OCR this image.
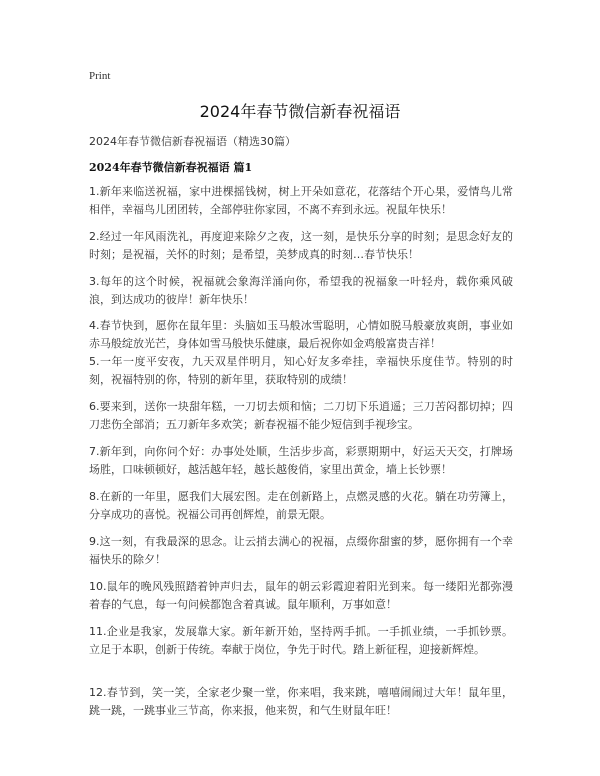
Print
2024年春节微信新春祝福语
2024年春节微信新春祝福语（精选30篇）
2024年春节微信新春祝福语 篇1
1.新年来临送祝福，家中进棵摇钱树，树上开朵如意花，花落结个开心果，爱情鸟儿常相伴，幸福鸟儿团团转，全部停驻你家园，不离不弃到永远。祝鼠年快乐！
2.经过一年风雨洗礼，再度迎来除夕之夜，这一刻，是快乐分享的时刻；是思念好友的时刻；是祝福，关怀的时刻；是希望，美梦成真的时刻…春节快乐！
3.每年的这个时候，祝福就会象海洋涌向你，希望我的祝福象一叶轻舟，载你乘风破浪，到达成功的彼岸！新年快乐！
4.春节快到，愿你在鼠年里：头脑如玉马般冰雪聪明，心情如脱马般豪放爽朗，事业如赤马般绽放光芒，身体如雪马般快乐健康，最后祝你如金鸡般富贵吉祥！
5.一年一度平安夜，九天双星伴明月，知心好友多牵挂，幸福快乐度佳节。特别的时刻，祝福特别的你，特别的新年里，获取特别的成绩！
6.要来到，送你一块甜年糕，一刀切去烦和恼；二刀切下乐逍遥；三刀苦闷都切掉；四刀悲伤全部消；五刀新年多欢笑；新春祝福不能少短信到手视珍宝。
7.新年到，向你问个好：办事处处顺，生活步步高，彩票期期中，好运天天交，打牌场场胜，口味顿顿好，越活越年轻，越长越俊俏，家里出黄金，墙上长钞票！
8.在新的一年里，愿我们大展宏图。走在创新路上，点燃灵感的火花。躺在功劳簿上，分享成功的喜悦。祝福公司再创辉煌，前景无限。
9.这一刻，有我最深的思念。让云捎去满心的祝福，点缀你甜蜜的梦，愿你拥有一个幸福快乐的除夕！
10.鼠年的晚风残照踏着钟声归去，鼠年的朝云彩霞迎着阳光到来。每一缕阳光都弥漫着春的气息，每一句问候都饱含着真诚。鼠年顺利，万事如意！
11.企业是我家，发展靠大家。新年新开始，坚持两手抓。一手抓业绩，一手抓钞票。立足于本职，创新于传统。奉献于岗位，争先于时代。踏上新征程，迎接新辉煌。
12.春节到，笑一笑，全家老少聚一堂，你来唱，我来跳，嘻嘻闹闹过大年！鼠年里，跳一跳，一跳事业三节高，你来报，他来贺，和气生财鼠年旺！
